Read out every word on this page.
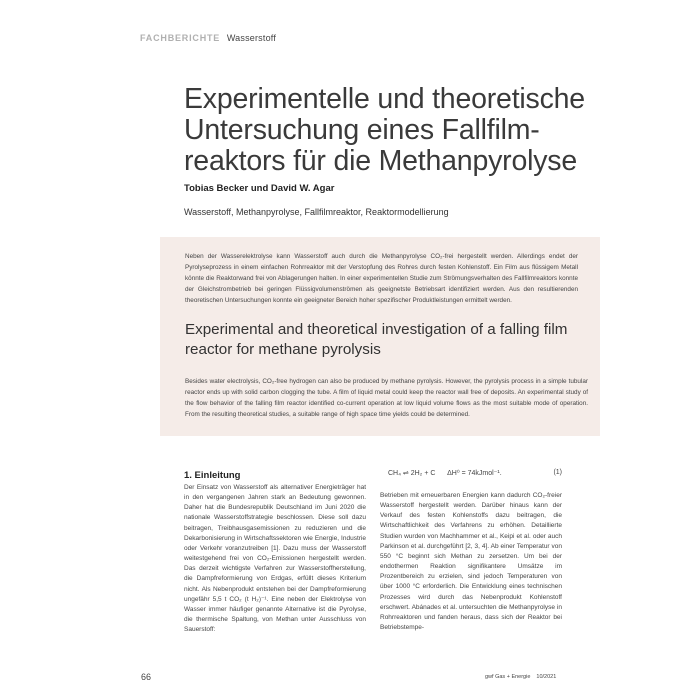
FACHBERICHTE Wasserstoff
Experimentelle und theoretische Untersuchung eines Fallfilmreaktors für die Methanpyrolyse
Tobias Becker und David W. Agar
Wasserstoff, Methanpyrolyse, Fallfilmreaktor, Reaktormodellierung
Neben der Wasserelektrolyse kann Wasserstoff auch durch die Methanpyrolyse CO₂-frei hergestellt werden. Allerdings endet der Pyrolyseprozess in einem einfachen Rohrreaktor mit der Verstopfung des Rohres durch festen Kohlenstoff. Ein Film aus flüssigem Metall könnte die Reaktorwand frei von Ablagerungen halten. In einer experimentellen Studie zum Strömungsverhalten des Fallfilmreaktors konnte der Gleichstrombetrieb bei geringen Flüssigvolumenströmen als geeignetste Betriebsart identifiziert werden. Aus den resultierenden theoretischen Untersuchungen konnte ein geeigneter Bereich hoher spezifischer Produktleistungen ermittelt werden.
Experimental and theoretical investigation of a falling film reactor for methane pyrolysis
Besides water electrolysis, CO₂-free hydrogen can also be produced by methane pyrolysis. However, the pyrolysis process in a simple tubular reactor ends up with solid carbon clogging the tube. A film of liquid metal could keep the reactor wall free of deposits. An experimental study of the flow behavior of the falling film reactor identified co-current operation at low liquid volume flows as the most suitable mode of operation. From the resulting theoretical studies, a suitable range of high space time yields could be determined.
1. Einleitung
Der Einsatz von Wasserstoff als alternativer Energieträger hat in den vergangenen Jahren stark an Bedeutung gewonnen. Daher hat die Bundesrepublik Deutschland im Juni 2020 die nationale Wasserstoffstrategie beschlossen. Diese soll dazu beitragen, Treibhausgasemissionen zu reduzieren und die Dekarbonisierung in Wirtschaftssektoren wie Energie, Industrie oder Verkehr voranzutreiben [1]. Dazu muss der Wasserstoff weitestgehend frei von CO₂-Emissionen hergestellt werden. Das derzeit wichtigste Verfahren zur Wasserstoffherstellung, die Dampfreformierung von Erdgas, erfüllt dieses Kriterium nicht. Als Nebenprodukt entstehen bei der Dampfreformierung ungefähr 5,5 t CO₂ (t H₂)⁻¹. Eine neben der Elektrolyse von Wasser immer häufiger genannte Alternative ist die Pyrolyse, die thermische Spaltung, von Methan unter Ausschluss von Sauerstoff:
CH₄ ⇌ 2H₂ + C      ΔH⁰ = 74kJmol⁻¹.	(1)
Betrieben mit erneuerbaren Energien kann dadurch CO₂-freier Wasserstoff hergestellt werden. Darüber hinaus kann der Verkauf des festen Kohlenstoffs dazu beitragen, die Wirtschaftlichkeit des Verfahrens zu erhöhen. Detaillierte Studien wurden von Machhammer et al., Keipi et al. oder auch Parkinson et al. durchgeführt [2, 3, 4]. Ab einer Temperatur von 550 °C beginnt sich Methan zu zersetzen. Um bei der endothermen Reaktion signifikantere Umsätze im Prozentbereich zu erzielen, sind jedoch Temperaturen von über 1000 °C erforderlich. Die Entwicklung eines technischen Prozesses wird durch das Nebenprodukt Kohlenstoff erschwert. Abánades et al. untersuchten die Methanpyrolyse in Rohrreaktoren und fanden heraus, dass sich der Reaktor bei Betriebstempe-
66	gwf Gas + Energie 10/2021
